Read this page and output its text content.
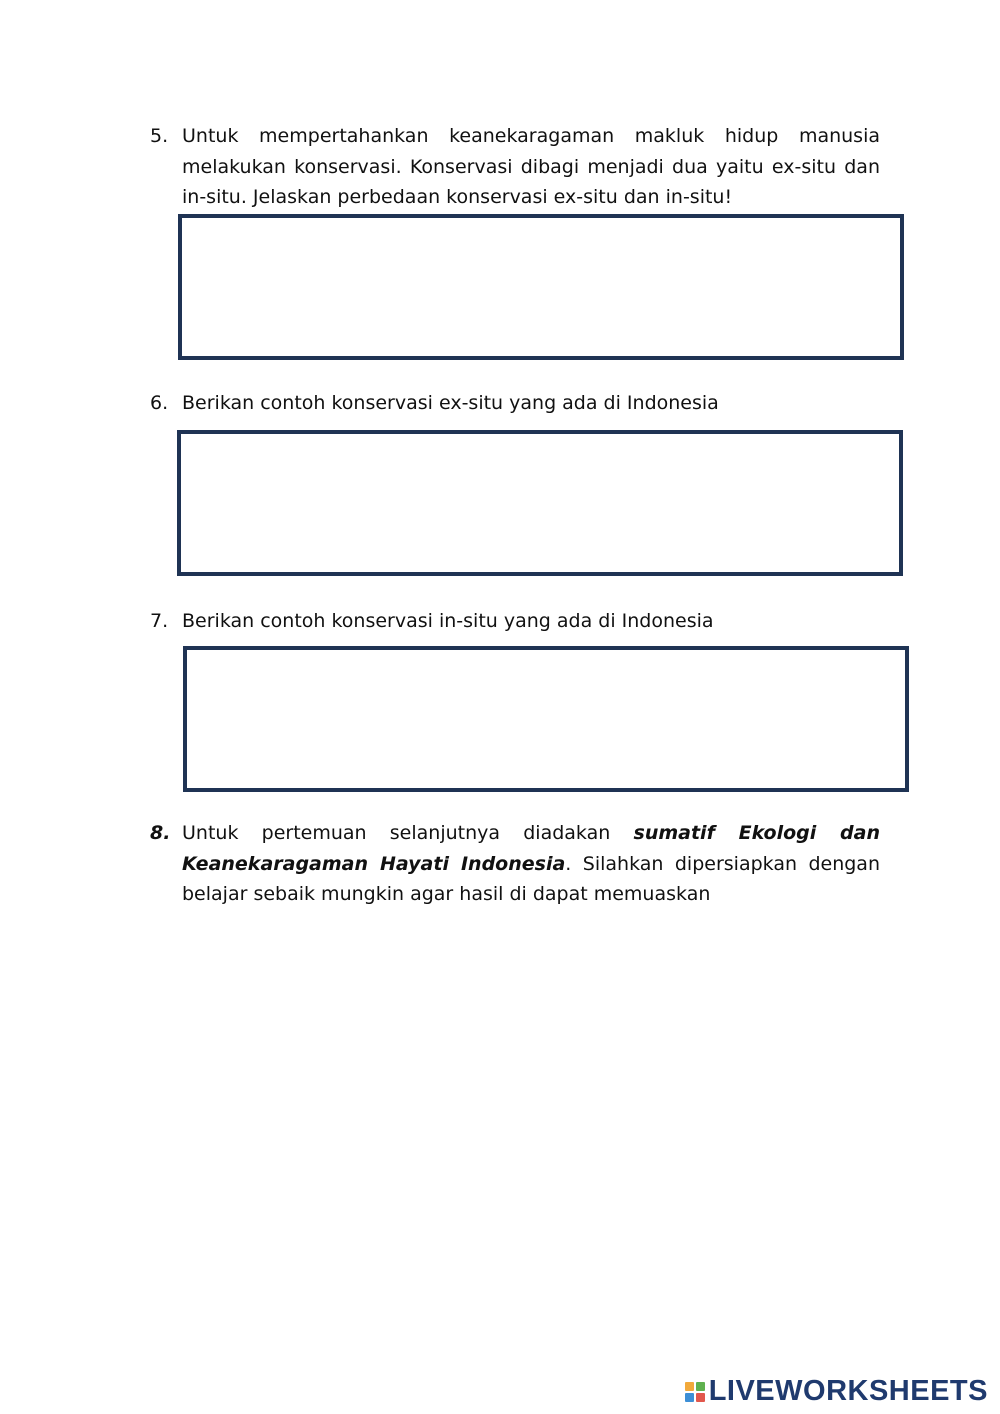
5. Untuk mempertahankan keanekaragaman makluk hidup manusia melakukan konservasi. Konservasi dibagi menjadi dua yaitu ex-situ dan in-situ. Jelaskan perbedaan konservasi ex-situ dan in-situ!
6. Berikan contoh konservasi ex-situ yang ada di Indonesia
7. Berikan contoh konservasi in-situ yang ada di Indonesia
8. Untuk pertemuan selanjutnya diadakan sumatif Ekologi dan Keanekaragaman Hayati Indonesia. Silahkan dipersiapkan dengan belajar sebaik mungkin agar hasil di dapat memuaskan
LIVEWORKSHEETS
